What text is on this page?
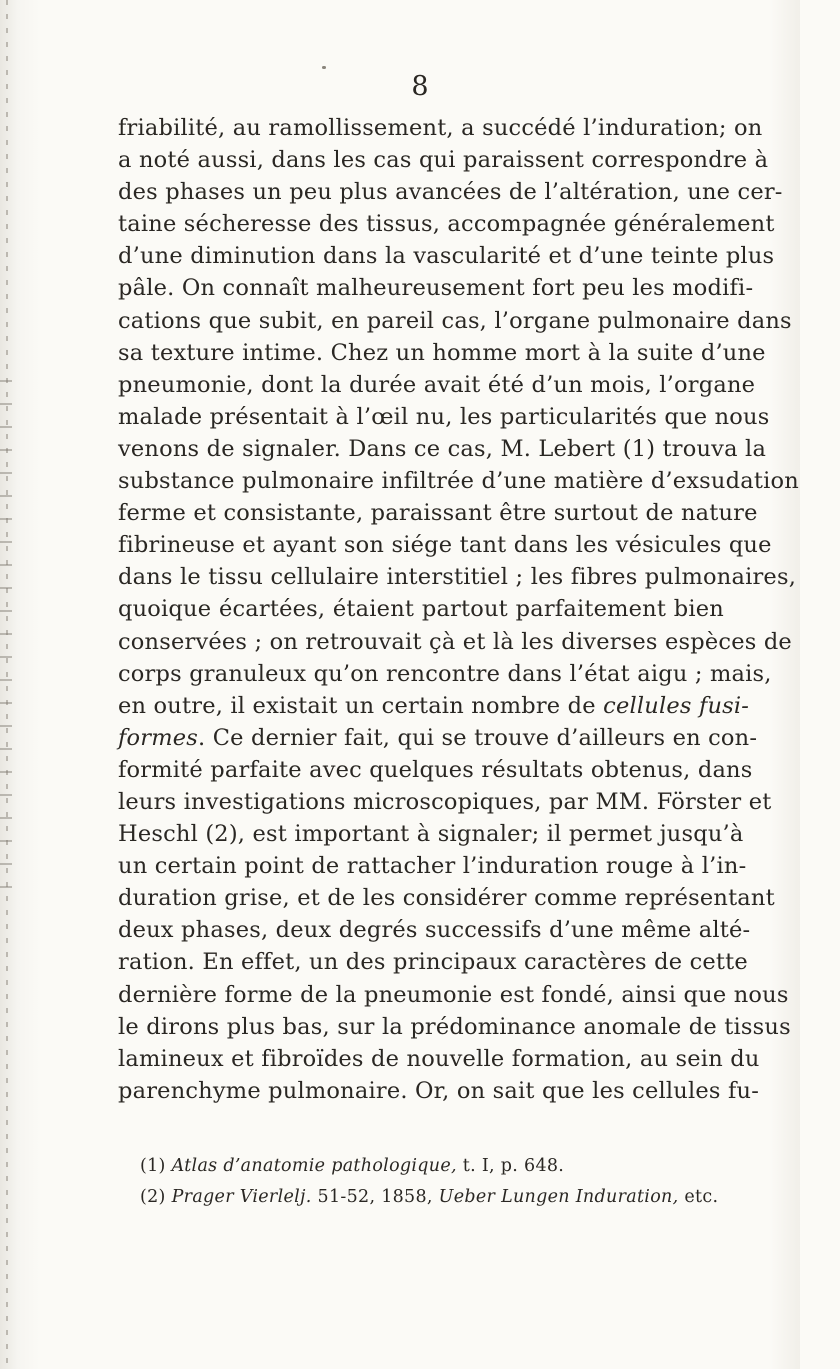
8
friabilité, au ramollissement, a succédé l’induration; on
a noté aussi, dans les cas qui paraissent correspondre à
des phases un peu plus avancées de l’altération, une cer-
taine sécheresse des tissus, accompagnée généralement
d’une diminution dans la vascularité et d’une teinte plus
pâle. On connaît malheureusement fort peu les modifi-
cations que subit, en pareil cas, l’organe pulmonaire dans
sa texture intime. Chez un homme mort à la suite d’une
pneumonie, dont la durée avait été d’un mois, l’organe
malade présentait à l’œil nu, les particularités que nous
venons de signaler. Dans ce cas, M. Lebert (1) trouva la
substance pulmonaire infiltrée d’une matière d’exsudation
ferme et consistante, paraissant être surtout de nature
fibrineuse et ayant son siége tant dans les vésicules que
dans le tissu cellulaire interstitiel ; les fibres pulmonaires,
quoique écartées, étaient partout parfaitement bien
conservées ; on retrouvait çà et là les diverses espèces de
corps granuleux qu’on rencontre dans l’état aigu ; mais,
en outre, il existait un certain nombre de cellules fusi-
formes. Ce dernier fait, qui se trouve d’ailleurs en con-
formité parfaite avec quelques résultats obtenus, dans
leurs investigations microscopiques, par MM. Förster et
Heschl (2), est important à signaler; il permet jusqu’à
un certain point de rattacher l’induration rouge à l’in-
duration grise, et de les considérer comme représentant
deux phases, deux degrés successifs d’une même alté-
ration. En effet, un des principaux caractères de cette
dernière forme de la pneumonie est fondé, ainsi que nous
le dirons plus bas, sur la prédominance anomale de tissus
lamineux et fibroïdes de nouvelle formation, au sein du
parenchyme pulmonaire. Or, on sait que les cellules fu-
(1) Atlas d’anatomie pathologique, t. I, p. 648.
(2) Prager Vierlelj. 51-52, 1858, Ueber Lungen Induration, etc.
